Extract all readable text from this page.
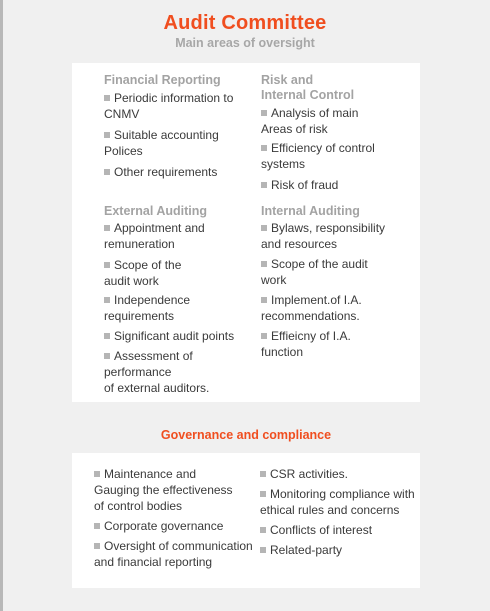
Audit Committee
Main areas of oversight
Financial Reporting
Periodic information to
CNMV
Suitable accounting
Polices
Other requirements
Risk and
Internal Control
Analysis of main
Areas of risk
Efficiency of control
systems
Risk of fraud
External Auditing
Appointment and
remuneration
Scope of the
audit work
Independence
requirements
Significant audit points
Assessment of
performance
of external auditors.
Internal Auditing
Bylaws, responsibility
and resources
Scope of the audit
work
Implement.of I.A.
recommendations.
Effieicny of I.A.
function
Governance and compliance
Maintenance and
Gauging the effectiveness
of control bodies
Corporate governance
Oversight of communication
and financial reporting
CSR activities.
Monitoring compliance with
ethical rules and concerns
Conflicts of interest
Related-party
